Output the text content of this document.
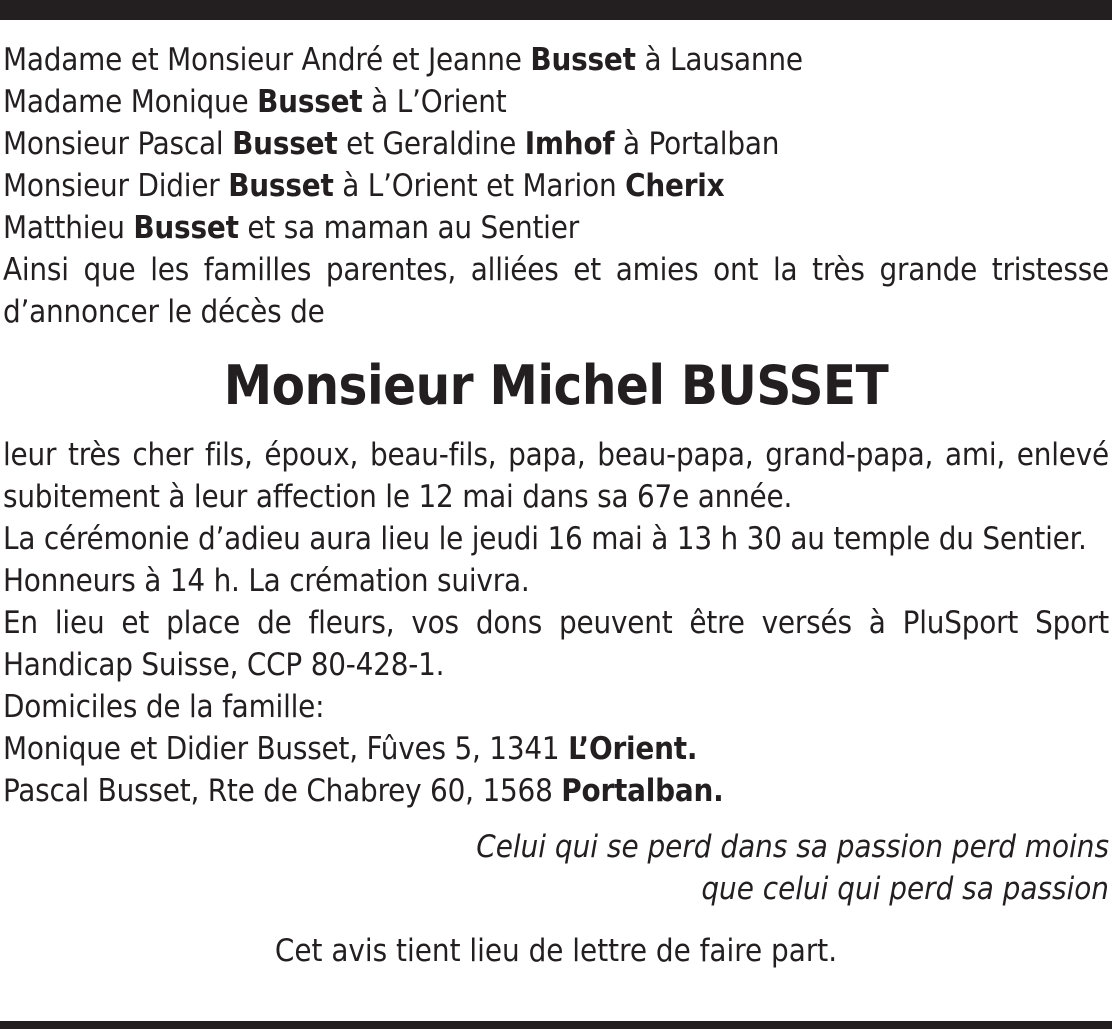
Madame et Monsieur André et Jeanne Busset à Lausanne
Madame Monique Busset à L’Orient
Monsieur Pascal Busset et Geraldine Imhof à Portalban
Monsieur Didier Busset à L’Orient et Marion Cherix
Matthieu Busset et sa maman au Sentier
Ainsi que les familles parentes, alliées et amies ont la très grande tristesse d’annoncer le décès de
Monsieur Michel BUSSET
leur très cher fils, époux, beau-fils, papa, beau-papa, grand-papa, ami, enlevé subitement à leur affection le 12 mai dans sa 67e année.
La cérémonie d’adieu aura lieu le jeudi 16 mai à 13 h 30 au temple du Sentier.
Honneurs à 14 h. La crémation suivra.
En lieu et place de fleurs, vos dons peuvent être versés à PluSport Sport Handicap Suisse, CCP 80-428-1.
Domiciles de la famille:
Monique et Didier Busset, Fûves 5, 1341 L’Orient.
Pascal Busset, Rte de Chabrey 60, 1568 Portalban.
Celui qui se perd dans sa passion perd moins
que celui qui perd sa passion
Cet avis tient lieu de lettre de faire part.
